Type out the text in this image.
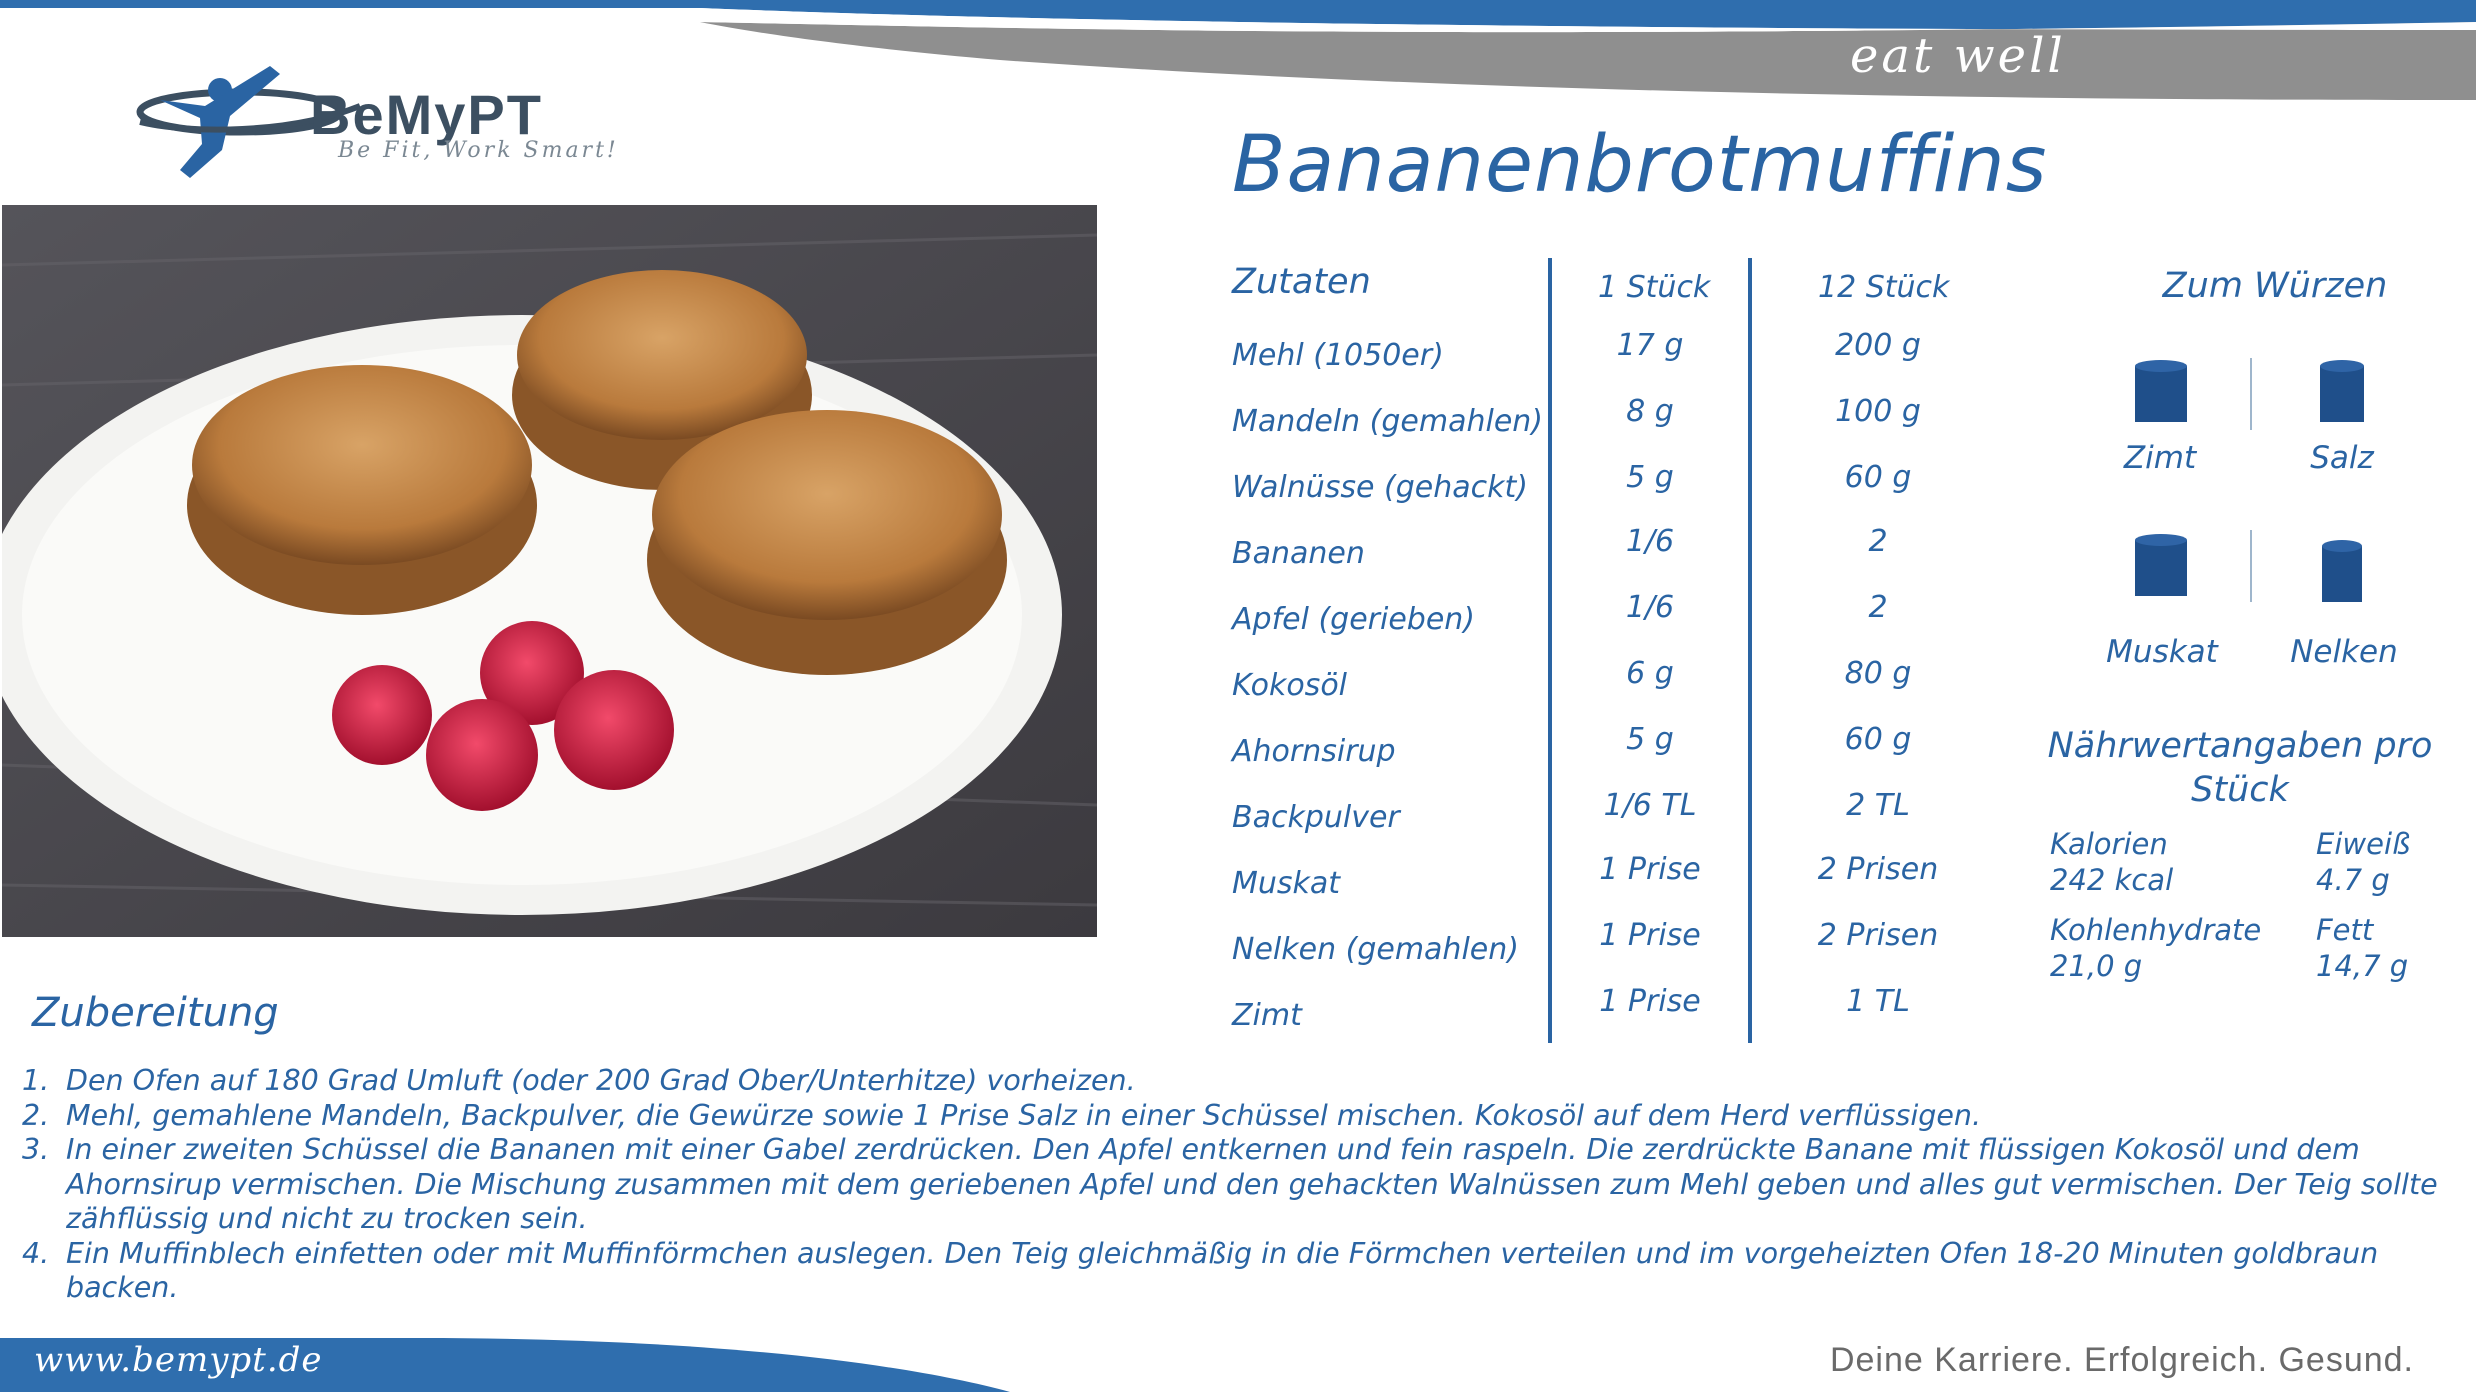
eat well
BeMyPT
Be Fit, Work Smart!	Bananenbrotmuffins
Zutaten	1 Stück	12 Stück
Mehl (1050er)	17 g	200 g
Mandeln (gemahlen)	8 g	100 g
Walnüsse (gehackt)	5 g	60 g
Bananen	1/6	2
Apfel (gerieben)	1/6	2
Kokosöl	6 g	80 g
Ahornsirup	5 g	60 g
Backpulver	1/6 TL	2 TL
Muskat	1 Prise	2 Prisen
Nelken (gemahlen)	1 Prise	2 Prisen
Zimt	1 Prise	1 TL
Zum Würzen
Zimt	Salz
Muskat	Nelken
Nährwertangaben pro Stück
Kalorien
242 kcal
Eiweiß
4.7 g
Kohlenhydrate
21,0 g
Fett
14,7 g
Zubereitung
1. Den Ofen auf 180 Grad Umluft (oder 200 Grad Ober/Unterhitze) vorheizen.
2. Mehl, gemahlene Mandeln, Backpulver, die Gewürze sowie 1 Prise Salz in einer Schüssel mischen. Kokosöl auf dem Herd verflüssigen.
3. In einer zweiten Schüssel die Bananen mit einer Gabel zerdrücken. Den Apfel entkernen und fein raspeln. Die zerdrückte Banane mit flüssigen Kokosöl und dem Ahornsirup vermischen. Die Mischung zusammen mit dem geriebenen Apfel und den gehackten Walnüssen zum Mehl geben und alles gut vermischen. Der Teig sollte zähflüssig und nicht zu trocken sein.
4. Ein Muffinblech einfetten oder mit Muffinförmchen auslegen. Den Teig gleichmäßig in die Förmchen verteilen und im vorgeheizten Ofen 18-20 Minuten goldbraun backen.
www.bemypt.de	Deine Karriere. Erfolgreich. Gesund.
